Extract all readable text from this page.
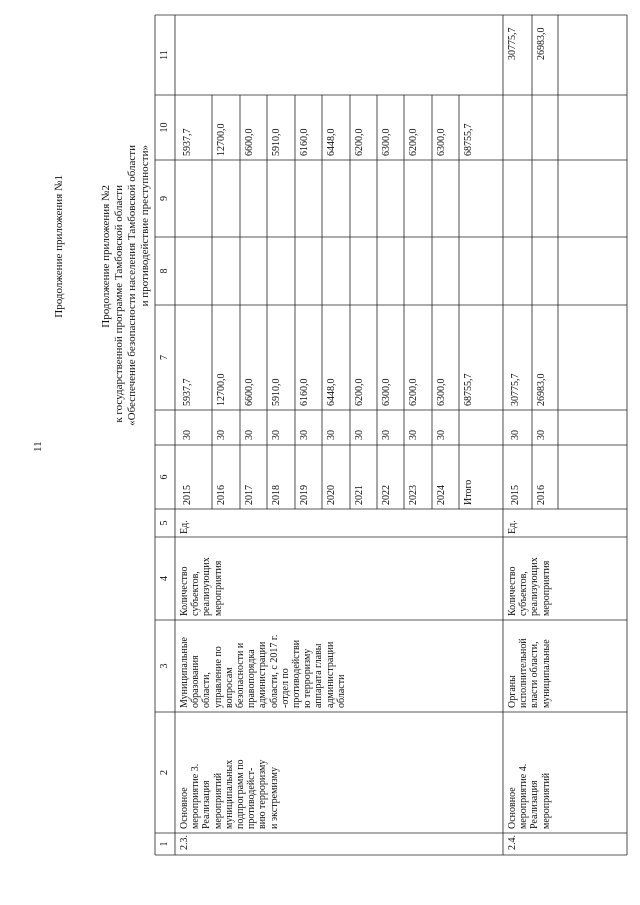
11
Продолжение приложения №1	Продолжение приложения №2 к государственной программе Тамбовской области «Обеспечение безопасности населения Тамбовской области и противодействие преступности»
1
2
3
4
5
6
7
8
9
10
11
2.3.
Основное
мероприятие 3.
Реализация
мероприятий
муниципальных
подпрограмм по
противодейст-
вию терроризму
и экстремизму
Муниципальные
образования
области,
управление по
вопросам
безопасности и
правопорядка
администрации
области, с 2017 г.
-отдел по
противодействи
ю терроризму
аппарата главы
администрации
области
Количество
субъектов,
реализующих
мероприятия
Ед.
2015 2016 2017 2018 2019 2020 2021 2022 2023 2024 Итого
30 30 30 30 30 30 30 30 30 30
5937,7 12700,0 6600,0 5910,0 6160,0 6448,0 6200,0 6300,0 6200,0 6300,0 68755,7
5937,7 12700,0 6600,0 5910,0 6160,0 6448,0 6200,0 6300,0 6200,0 6300,0 68755,7
2.4.
Основное
мероприятие 4.
Реализация
мероприятий
Органы
исполнительной
власти области,
муниципальные
Количество
субъектов,
реализующих
мероприятия
Ед.
2015 2016
30 30
30775,7 26983,0
30775,7 26983,0
